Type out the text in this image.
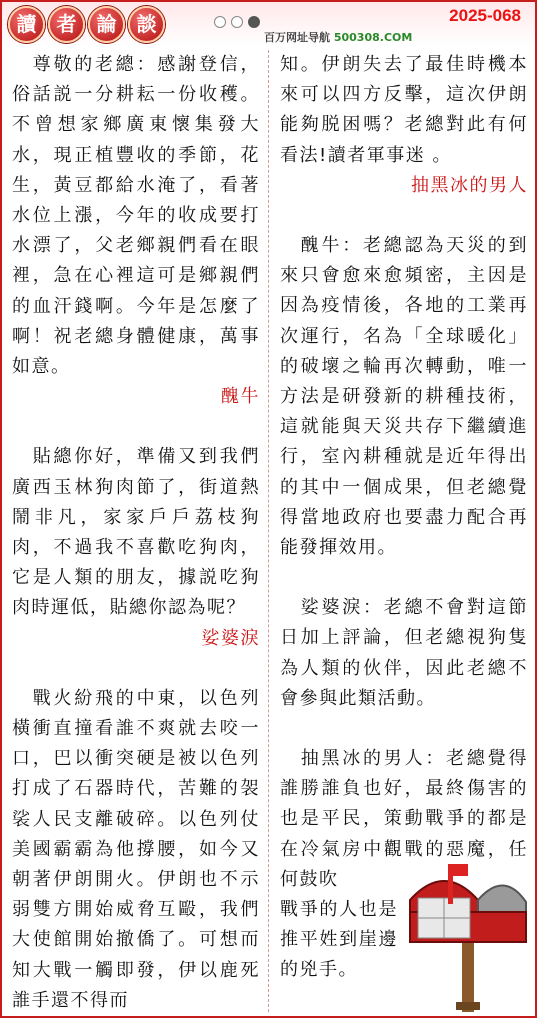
讀	者	論	談	2025-068
百万网址导航 500308.COM

尊敬的老總：感謝登信，俗話説一分耕耘一份收穫。不曾想家鄉廣東懷集發大水，現正植豐收的季節，花生，黃豆都給水淹了，看著水位上漲，今年的收成要打水漂了，父老鄉親們看在眼裡，急在心裡這可是鄉親們的血汗錢啊。今年是怎麼了啊！祝老總身體健康，萬事如意。

醜牛

貼總你好，準備又到我們廣西玉林狗肉節了，街道熱鬧非凡，家家戶戶荔枝狗肉，不過我不喜歡吃狗肉，它是人類的朋友，據説吃狗肉時運低，貼總你認為呢？

娑婆淚

戰火紛飛的中東，以色列橫衝直撞看誰不爽就去咬一口，巴以衝突硬是被以色列打成了石器時代，苦難的袈裟人民支離破碎。以色列仗美國霸霸為他撐腰，如今又朝著伊朗開火。伊朗也不示弱雙方開始威脅互毆，我們大使館開始撤僑了。可想而知大戰一觸即發，伊以鹿死誰手還不得而

知。伊朗失去了最佳時機本來可以四方反擊，這次伊朗能夠脱困嗎？老總對此有何看法!讀者軍事迷 。

抽黑冰的男人

醜牛：老總認為天災的到來只會愈來愈頻密，主因是因為疫情後，各地的工業再次運行，名為「全球暖化」的破壞之輪再次轉動，唯一方法是研發新的耕種技術，這就能與天災共存下繼續進行，室內耕種就是近年得出的其中一個成果，但老總覺得當地政府也要盡力配合再能發揮效用。

娑婆淚：老總不會對這節日加上評論，但老總視狗隻為人類的伙伴，因此老總不會參與此類活動。

抽黑冰的男人：老總覺得誰勝誰負也好，最終傷害的也是平民，策動戰爭的都是在冷氣房中觀戰的惡魔，任何鼓吹

戰爭的人也是推平姓到崖邊的兇手。
